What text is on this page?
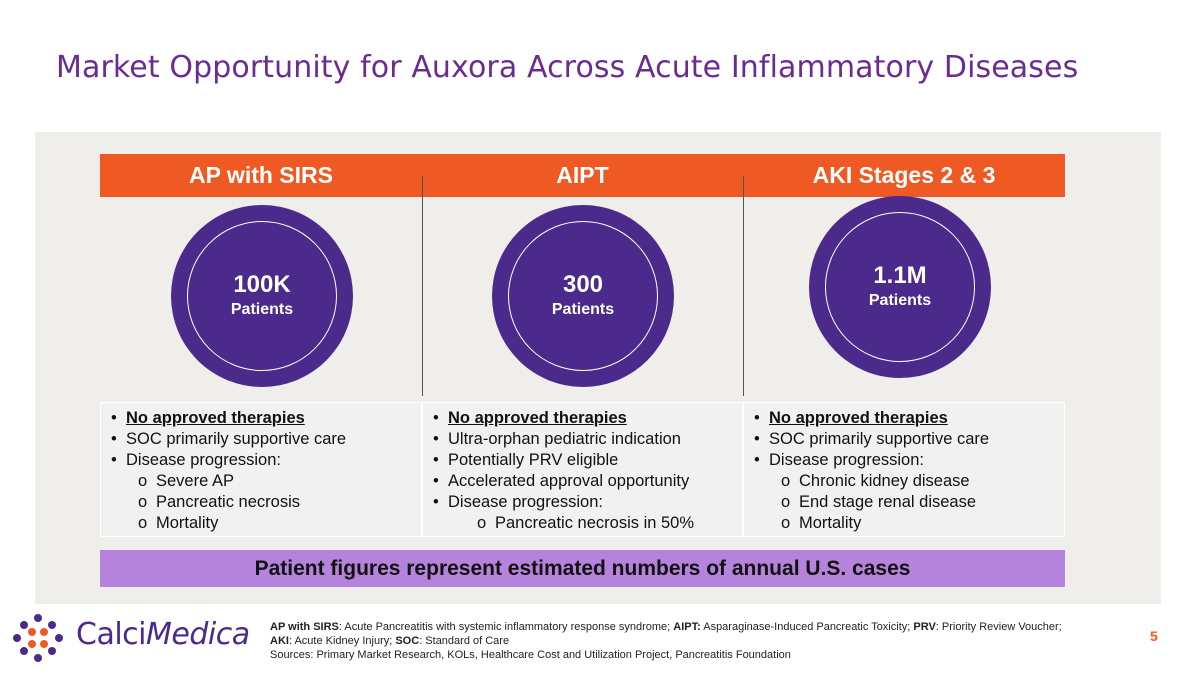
Market Opportunity for Auxora Across Acute Inflammatory Diseases
AP with SIRS	AIPT	AKI Stages 2 & 3
100K
Patients
300
Patients
1.1M
Patients
• No approved therapies
• SOC primarily supportive care
• Disease progression:
o Severe AP
o Pancreatic necrosis
o Mortality
• No approved therapies
• Ultra-orphan pediatric indication
• Potentially PRV eligible
• Accelerated approval opportunity
• Disease progression:
o Pancreatic necrosis in 50%
• No approved therapies
• SOC primarily supportive care
• Disease progression:
o Chronic kidney disease
o End stage renal disease
o Mortality
Patient figures represent estimated numbers of annual U.S. cases
CalciMedica AP with SIRS: Acute Pancreatitis with systemic inflammatory response syndrome; AIPT: Asparaginase-Induced Pancreatic Toxicity; PRV: Priority Review Voucher; AKI: Acute Kidney Injury; SOC: Standard of Care
Sources: Primary Market Research, KOLs, Healthcare Cost and Utilization Project, Pancreatitis Foundation
5
